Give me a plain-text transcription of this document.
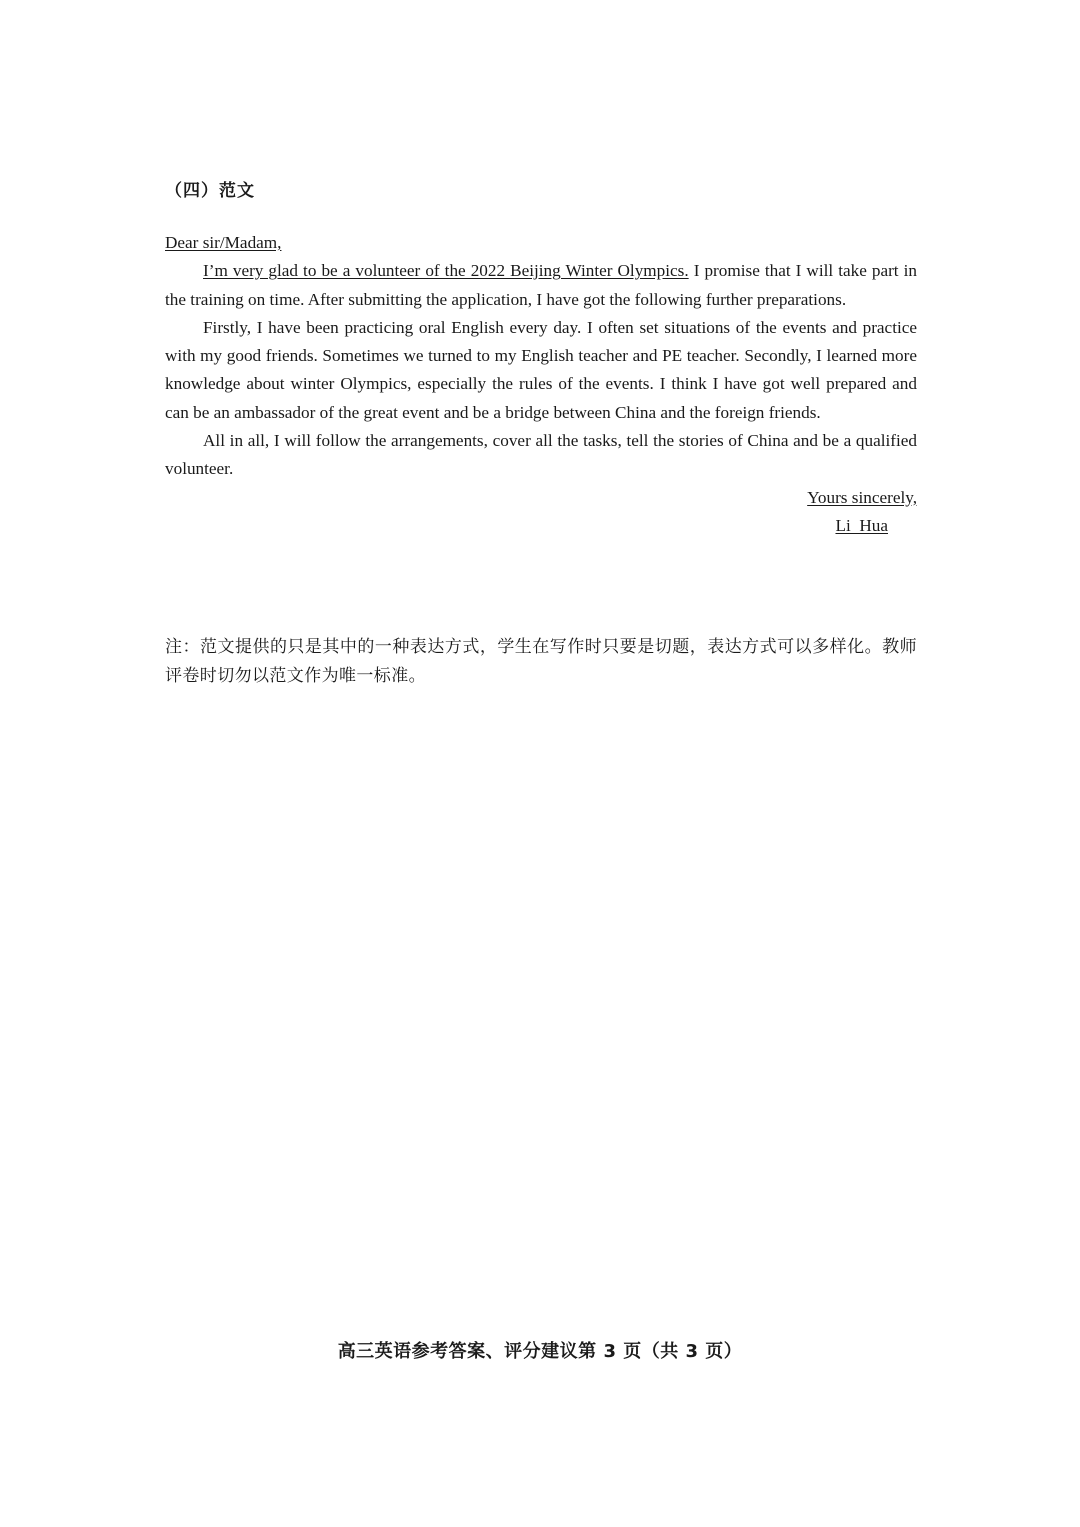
（四）范文
Dear sir/Madam,

I’m very glad to be a volunteer of the 2022 Beijing Winter Olympics. I promise that I will take part in the training on time. After submitting the application, I have got the following further preparations.

Firstly, I have been practicing oral English every day. I often set situations of the events and practice with my good friends. Sometimes we turned to my English teacher and PE teacher. Secondly, I learned more knowledge about winter Olympics, especially the rules of the events. I think I have got well prepared and can be an ambassador of the great event and be a bridge between China and the foreign friends.

All in all, I will follow the arrangements, cover all the tasks, tell the stories of China and be a qualified volunteer.

Yours sincerely,
Li  Hua
注：范文提供的只是其中的一种表达方式，学生在写作时只要是切题，表达方式可以多样化。教师评卷时切勿以范文作为唯一标准。
高三英语参考答案、评分建议第 3 页（共 3 页）
